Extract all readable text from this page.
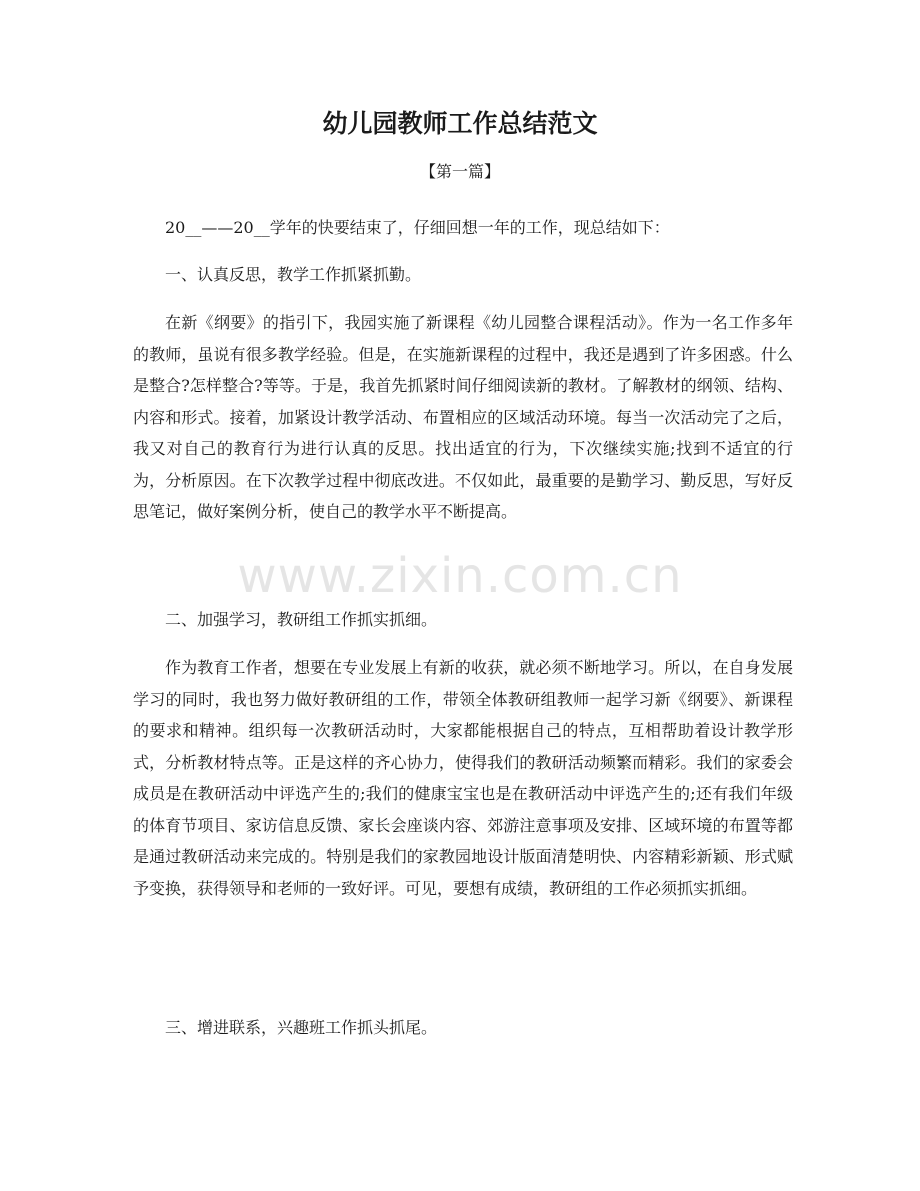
幼儿园教师工作总结范文

【第一篇】

20__——20__学年的快要结束了，仔细回想一年的工作，现总结如下：

一、认真反思，教学工作抓紧抓勤。

在新《纲要》的指引下，我园实施了新课程《幼儿园整合课程活动》。作为一名工作多年的教师，虽说有很多教学经验。但是，在实施新课程的过程中，我还是遇到了许多困惑。什么是整合?怎样整合?等等。于是，我首先抓紧时间仔细阅读新的教材。了解教材的纲领、结构、内容和形式。接着，加紧设计教学活动、布置相应的区域活动环境。每当一次活动完了之后，我又对自己的教育行为进行认真的反思。找出适宜的行为，下次继续实施;找到不适宜的行为，分析原因。在下次教学过程中彻底改进。不仅如此，最重要的是勤学习、勤反思，写好反思笔记，做好案例分析，使自己的教学水平不断提高。

二、加强学习，教研组工作抓实抓细。

作为教育工作者，想要在专业发展上有新的收获，就必须不断地学习。所以，在自身发展学习的同时，我也努力做好教研组的工作，带领全体教研组教师一起学习新《纲要》、新课程的要求和精神。组织每一次教研活动时，大家都能根据自己的特点，互相帮助着设计教学形式，分析教材特点等。正是这样的齐心协力，使得我们的教研活动频繁而精彩。我们的家委会成员是在教研活动中评选产生的;我们的健康宝宝也是在教研活动中评选产生的;还有我们年级的体育节项目、家访信息反馈、家长会座谈内容、郊游注意事项及安排、区域环境的布置等都是通过教研活动来完成的。特别是我们的家教园地设计版面清楚明快、内容精彩新颖、形式赋予变换，获得领导和老师的一致好评。可见，要想有成绩，教研组的工作必须抓实抓细。

三、增进联系，兴趣班工作抓头抓尾。

www.zixin.com.cn
